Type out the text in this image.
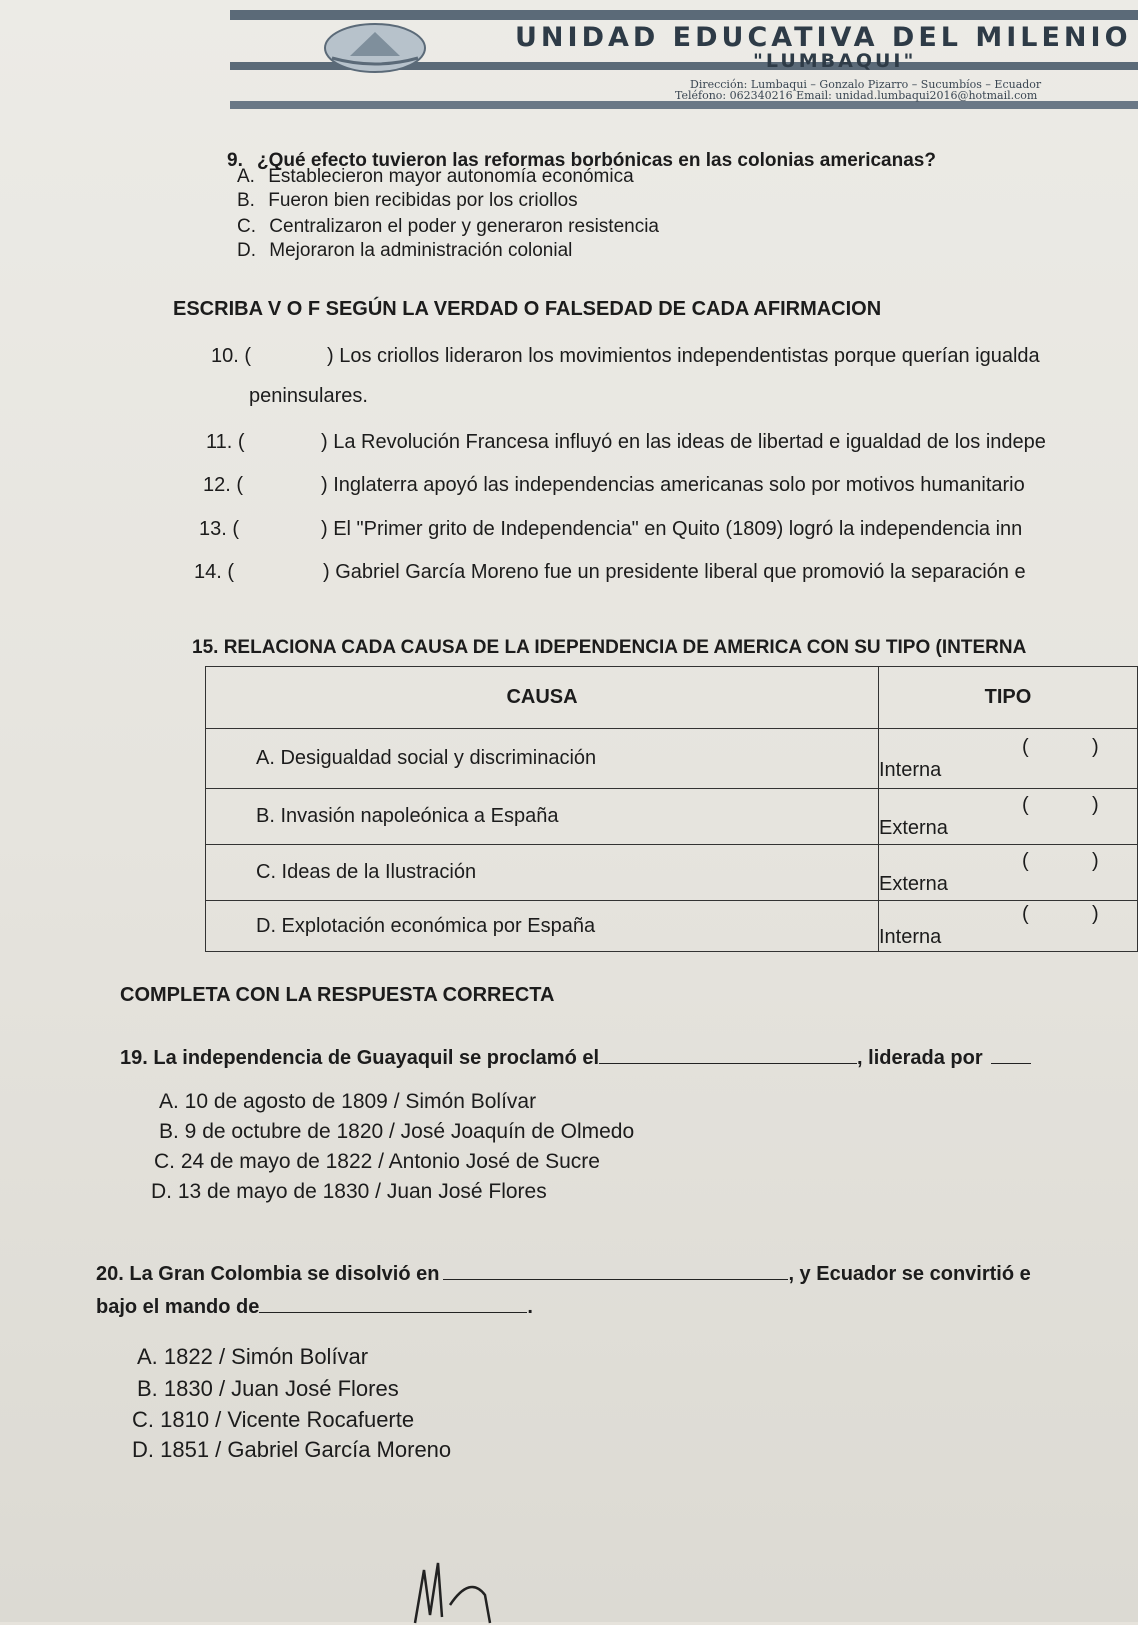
UNIDAD EDUCATIVA DEL MILENIO
"LUMBAQUI"
Dirección: Lumbaqui – Gonzalo Pizarro – Sucumbíos – Ecuador
Teléfono: 062340216 Email: unidad.lumbaqui2016@hotmail.com
9. ¿Qué efecto tuvieron las reformas borbónicas en las colonias americanas?
A. Establecieron mayor autonomía económica
B. Fueron bien recibidas por los criollos
C. Centralizaron el poder y generaron resistencia
D. Mejoraron la administración colonial
ESCRIBA V O F SEGÚN LA VERDAD O FALSEDAD DE CADA AFIRMACION
10. (	) Los criollos lideraron los movimientos independentistas porque querían igualda
peninsulares.
11. (	) La Revolución Francesa influyó en las ideas de libertad e igualdad de los indepe
12. (	) Inglaterra apoyó las independencias americanas solo por motivos humanitario
13. (	) El "Primer grito de Independencia" en Quito (1809) logró la independencia inn
14. (	) Gabriel García Moreno fue un presidente liberal que promovió la separación e
15. RELACIONA CADA CAUSA DE LA IDEPENDENCIA DE AMERICA CON SU TIPO (INTERNA
CAUSA	TIPO
A. Desigualdad social y discriminación	( ) Interna
B. Invasión napoleónica a España	( ) Externa
C. Ideas de la Ilustración	( ) Externa
D. Explotación económica por España	( ) Interna
COMPLETA CON LA RESPUESTA CORRECTA
19. La independencia de Guayaquil se proclamó el	, liderada por
A. 10 de agosto de 1809 / Simón Bolívar
B. 9 de octubre de 1820 / José Joaquín de Olmedo
C. 24 de mayo de 1822 / Antonio José de Sucre
D. 13 de mayo de 1830 / Juan José Flores
20. La Gran Colombia se disolvió en	, y Ecuador se convirtió e
bajo el mando de	.
A. 1822 / Simón Bolívar
B. 1830 / Juan José Flores
C. 1810 / Vicente Rocafuerte
D. 1851 / Gabriel García Moreno
